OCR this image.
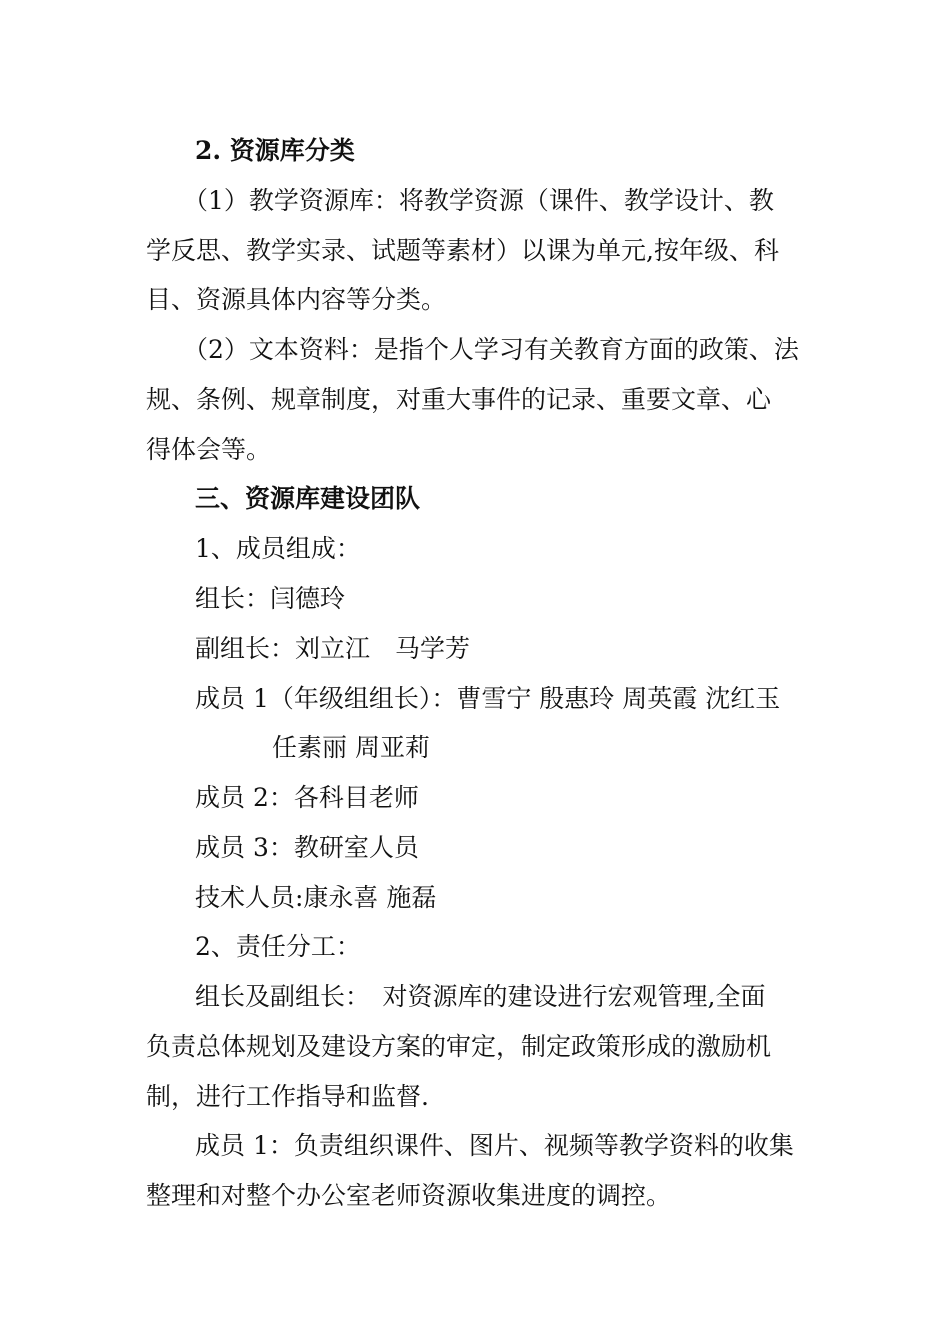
2. 资源库分类
（1）教学资源库：将教学资源（课件、教学设计、教
学反思、教学实录、试题等素材）以课为单元,按年级、科
目、资源具体内容等分类。
（2）文本资料：是指个人学习有关教育方面的政策、法
规、条例、规章制度，对重大事件的记录、重要文章、心
得体会等。
三、资源库建设团队
1、成员组成：
组长：闫德玲
副组长：刘立江　马学芳
成员 1（年级组组长）：曹雪宁 殷惠玲 周英霞 沈红玉
任素丽 周亚莉
成员 2：各科目老师
成员 3：教研室人员
技术人员:康永喜 施磊
2、责任分工：
组长及副组长：　对资源库的建设进行宏观管理,全面
负责总体规划及建设方案的审定，制定政策形成的激励机
制，进行工作指导和监督.
成员 1：负责组织课件、图片、视频等教学资料的收集
整理和对整个办公室老师资源收集进度的调控。
